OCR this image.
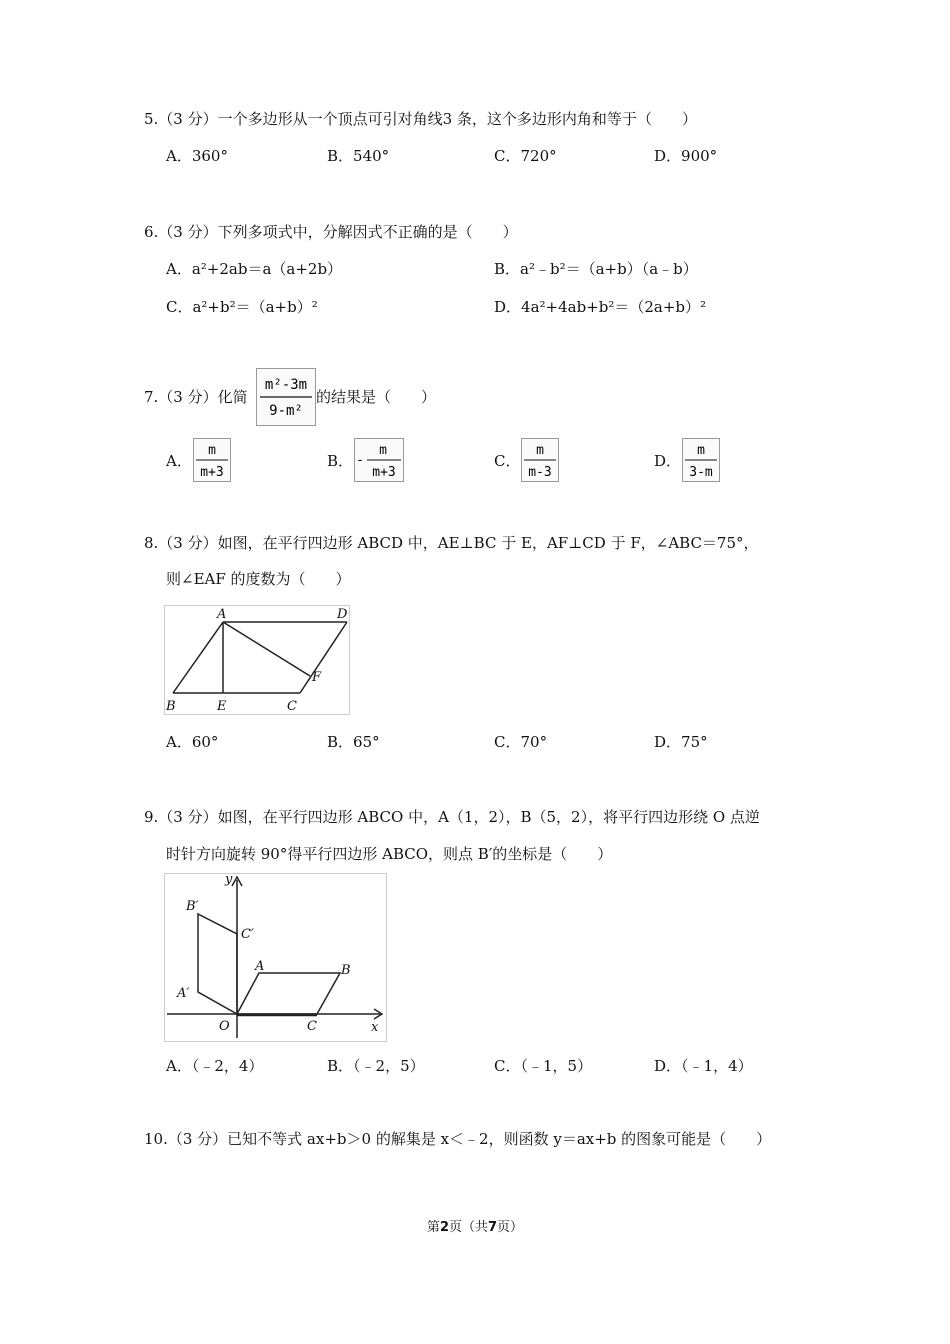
5.（3 分）一个多边形从一个顶点可引对角线3 条，这个多边形内角和等于（　　）
A．360°	B．540°	C．720°	D．900°
6.（3 分）下列多项式中，分解因式不正确的是（　　）
A．a²+2ab＝a（a+2b）	B．a²﹣b²＝（a+b）（a﹣b）
C．a²+b²＝（a+b）²	D．4a²+4ab+b²＝（2a+b）²
7.（3 分）化简
m²-3m
9-m²
的结果是（　　）
A．
m
m+3
B． -
m
m+3
C．
m
m-3
D．
m
3-m
8.（3 分）如图，在平行四边形 ABCD 中，AE⊥BC 于 E，AF⊥CD 于 F，∠ABC＝75°，
则∠EAF 的度数为（　　）
A	D
B	E	C
F
A．60°	B．65°	C．70°	D．75°
9.（3 分）如图，在平行四边形 ABCO 中，A（1，2），B（5，2），将平行四边形绕 O 点逆
时针方向旋转 90°得平行四边形 ABCO，则点 B′的坐标是（　　）
y
B′
C′
A	B
A′
O	C	x
A．（﹣2，4）	B．（﹣2，5）	C．（﹣1，5）	D．（﹣1，4）
10.（3 分）已知不等式 ax+b＞0 的解集是 x＜﹣2，则函数 y＝ax+b 的图象可能是（　　）
第2页（共7页）
